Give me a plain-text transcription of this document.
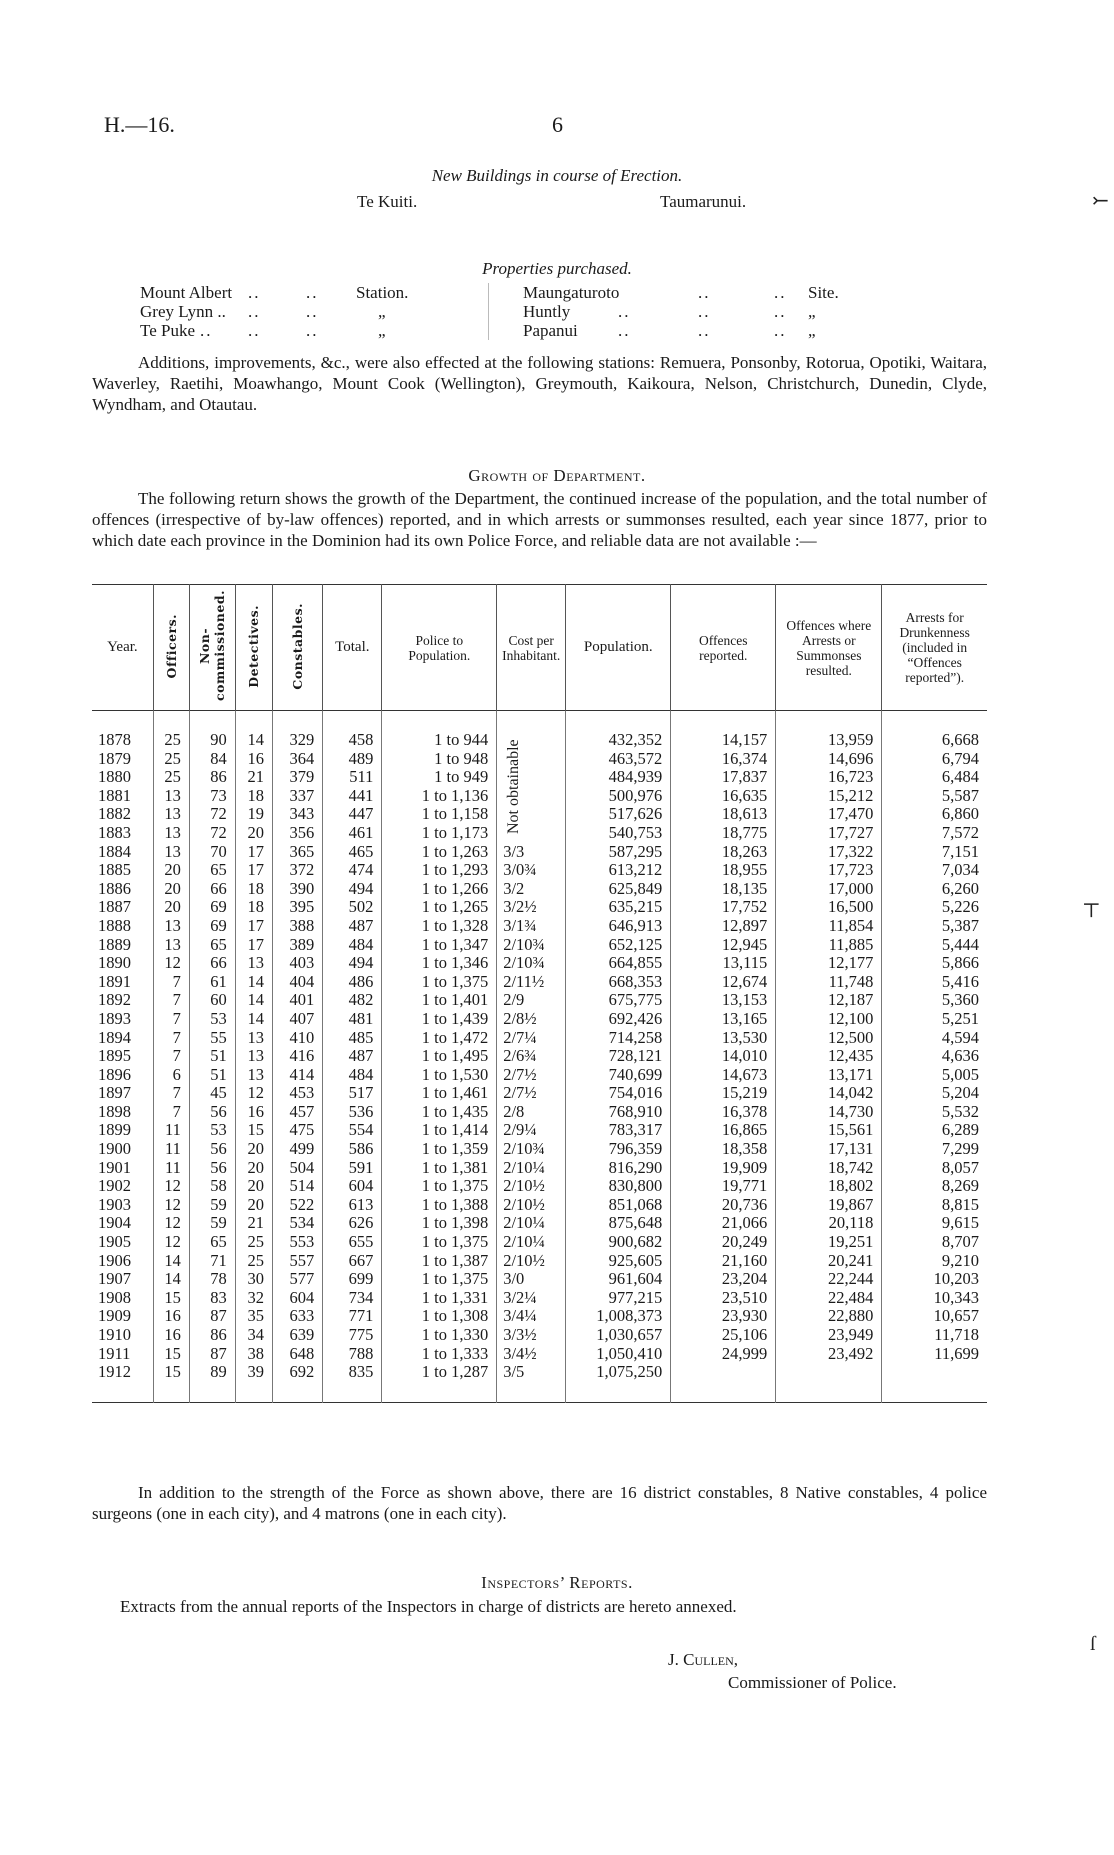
H.—16.	6
New Buildings in course of Erection.
Te Kuiti.	Taumarunui.
Properties purchased.
Mount Albert ..	..	Station.	Maungaturoto	..	..	Site.
Grey Lynn ..	..	..	„	Huntly	..	..	..	„
Te Puke ..	..	..	„	Papanui	..	..	..	„
Additions, improvements, &c., were also effected at the following stations: Remuera, Ponsonby, Rotorua, Opotiki, Waitara, Waverley, Raetihi, Moawhango, Mount Cook (Wellington), Greymouth, Kaikoura, Nelson, Christchurch, Dunedin, Clyde, Wyndham, and Otautau.
Growth of Department.
The following return shows the growth of the Department, the continued increase of the population, and the total number of offences (irrespective of by-law offences) reported, and in which arrests or summonses resulted, each year since 1877, prior to which date each province in the Dominion had its own Police Force, and reliable data are not available :—
Year.	Officers.	Non-commissioned.	Detectives.	Constables.	Total.	Police to Population.	Cost per Inhabitant.	Population.	Offences reported.	Offences where Arrests or Summonses resulted.	Arrests for Drunkenness (included in “Offences reported”).
1878	25	90	14	329	458	1 to 944	Not obtainable	432,352	14,157	13,959	6,668
1879	25	84	16	364	489	1 to 948		463,572	16,374	14,696	6,794
1880	25	86	21	379	511	1 to 949		484,939	17,837	16,723	6,484
1881	13	73	18	337	441	1 to 1,136		500,976	16,635	15,212	5,587
1882	13	72	19	343	447	1 to 1,158		517,626	18,613	17,470	6,860
1883	13	72	20	356	461	1 to 1,173		540,753	18,775	17,727	7,572
1884	13	70	17	365	465	1 to 1,263	3/3	587,295	18,263	17,322	7,151
1885	20	65	17	372	474	1 to 1,293	3/0¾	613,212	18,955	17,723	7,034
1886	20	66	18	390	494	1 to 1,266	3/2	625,849	18,135	17,000	6,260
1887	20	69	18	395	502	1 to 1,265	3/2½	635,215	17,752	16,500	5,226
1888	13	69	17	388	487	1 to 1,328	3/1¾	646,913	12,897	11,854	5,387
1889	13	65	17	389	484	1 to 1,347	2/10¾	652,125	12,945	11,885	5,444
1890	12	66	13	403	494	1 to 1,346	2/10¾	664,855	13,115	12,177	5,866
1891	7	61	14	404	486	1 to 1,375	2/11½	668,353	12,674	11,748	5,416
1892	7	60	14	401	482	1 to 1,401	2/9	675,775	13,153	12,187	5,360
1893	7	53	14	407	481	1 to 1,439	2/8½	692,426	13,165	12,100	5,251
1894	7	55	13	410	485	1 to 1,472	2/7¼	714,258	13,530	12,500	4,594
1895	7	51	13	416	487	1 to 1,495	2/6¾	728,121	14,010	12,435	4,636
1896	6	51	13	414	484	1 to 1,530	2/7½	740,699	14,673	13,171	5,005
1897	7	45	12	453	517	1 to 1,461	2/7½	754,016	15,219	14,042	5,204
1898	7	56	16	457	536	1 to 1,435	2/8	768,910	16,378	14,730	5,532
1899	11	53	15	475	554	1 to 1,414	2/9¼	783,317	16,865	15,561	6,289
1900	11	56	20	499	586	1 to 1,359	2/10¾	796,359	18,358	17,131	7,299
1901	11	56	20	504	591	1 to 1,381	2/10¼	816,290	19,909	18,742	8,057
1902	12	58	20	514	604	1 to 1,375	2/10½	830,800	19,771	18,802	8,269
1903	12	59	20	522	613	1 to 1,388	2/10½	851,068	20,736	19,867	8,815
1904	12	59	21	534	626	1 to 1,398	2/10¼	875,648	21,066	20,118	9,615
1905	12	65	25	553	655	1 to 1,375	2/10¼	900,682	20,249	19,251	8,707
1906	14	71	25	557	667	1 to 1,387	2/10½	925,605	21,160	20,241	9,210
1907	14	78	30	577	699	1 to 1,375	3/0	961,604	23,204	22,244	10,203
1908	15	83	32	604	734	1 to 1,331	3/2¼	977,215	23,510	22,484	10,343
1909	16	87	35	633	771	1 to 1,308	3/4¼	1,008,373	23,930	22,880	10,657
1910	16	86	34	639	775	1 to 1,330	3/3½	1,030,657	25,106	23,949	11,718
1911	15	87	38	648	788	1 to 1,333	3/4½	1,050,410	24,999	23,492	11,699
1912	15	89	39	692	835	1 to 1,287	3/5	1,075,250			
In addition to the strength of the Force as shown above, there are 16 district constables, 8 Native constables, 4 police surgeons (one in each city), and 4 matrons (one in each city).
Inspectors’ Reports.
Extracts from the annual reports of the Inspectors in charge of districts are hereto annexed.
J. Cullen,
Commissioner of Police.
⤚
⊤
ſ
